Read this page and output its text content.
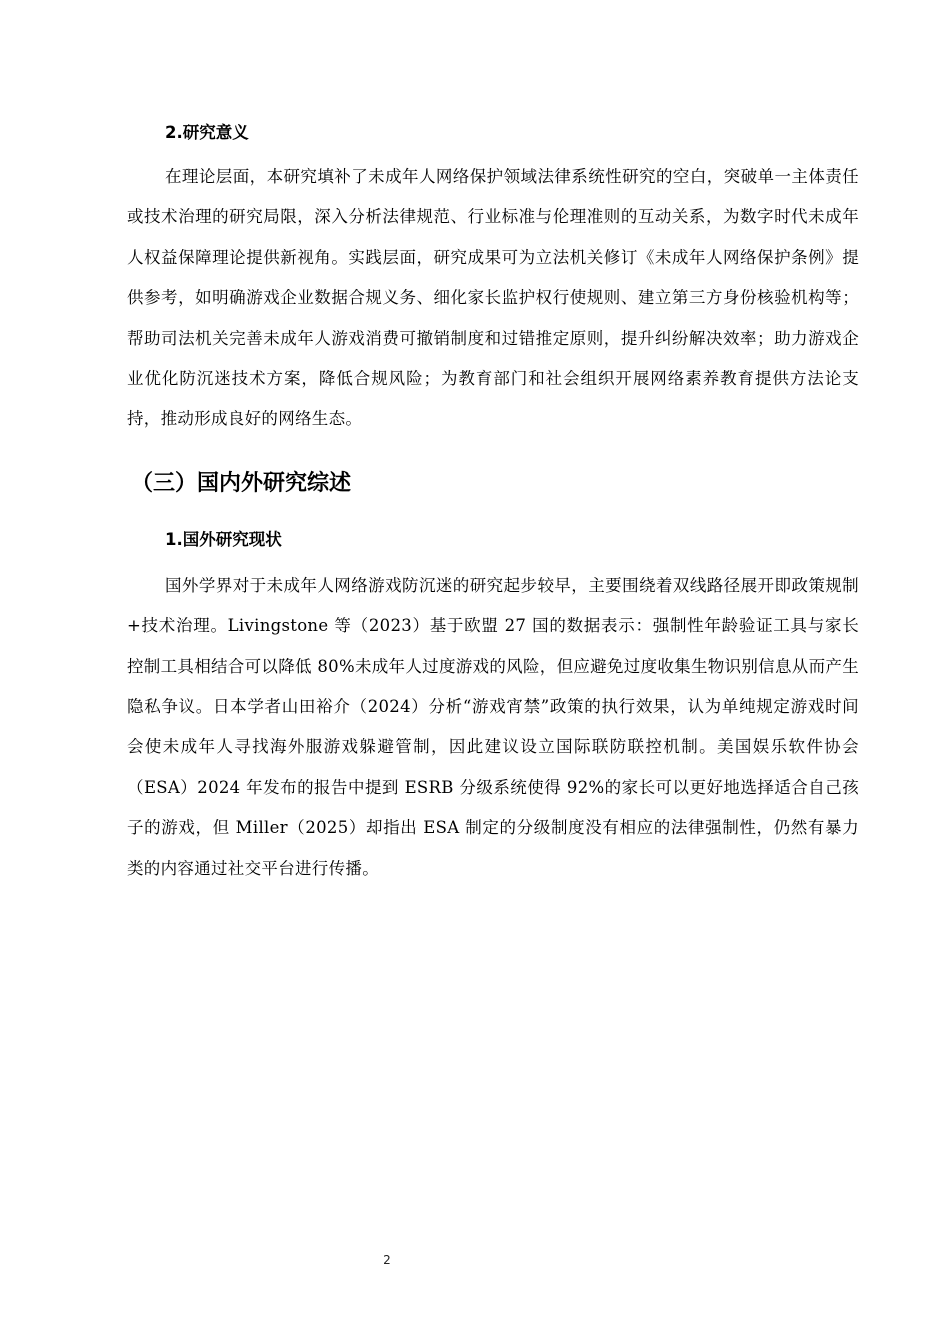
2.研究意义

在理论层面，本研究填补了未成年人网络保护领域法律系统性研究的空白，突破单一主体责任或技术治理的研究局限，深入分析法律规范、行业标准与伦理准则的互动关系，为数字时代未成年人权益保障理论提供新视角。实践层面，研究成果可为立法机关修订《未成年人网络保护条例》提供参考，如明确游戏企业数据合规义务、细化家长监护权行使规则、建立第三方身份核验机构等；帮助司法机关完善未成年人游戏消费可撤销制度和过错推定原则，提升纠纷解决效率；助力游戏企业优化防沉迷技术方案，降低合规风险；为教育部门和社会组织开展网络素养教育提供方法论支持，推动形成良好的网络生态。

（三）国内外研究综述
1.国外研究现状

国外学界对于未成年人网络游戏防沉迷的研究起步较早，主要围绕着双线路径展开即政策规制+技术治理。Livingstone 等（2023）基于欧盟 27 国的数据表示：强制性年龄验证工具与家长控制工具相结合可以降低 80%未成年人过度游戏的风险，但应避免过度收集生物识别信息从而产生隐私争议。日本学者山田裕介（2024）分析“游戏宵禁”政策的执行效果，认为单纯规定游戏时间会使未成年人寻找海外服游戏躲避管制，因此建议设立国际联防联控机制。美国娱乐软件协会（ESA）2024 年发布的报告中提到 ESRB 分级系统使得 92%的家长可以更好地选择适合自己孩子的游戏，但 Miller（2025）却指出 ESA 制定的分级制度没有相应的法律强制性，仍然有暴力类的内容通过社交平台进行传播。

2
